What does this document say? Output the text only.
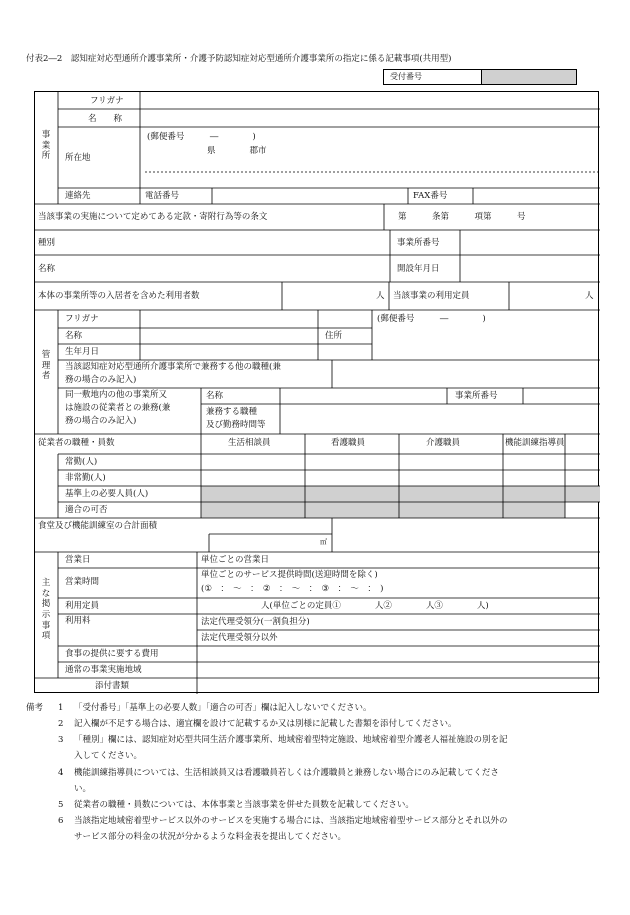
付表2―2　認知症対応型通所介護事業所・介護予防認知症対応型通所介護事業所の指定に係る記載事項(共用型)
受付番号
事
業
所
フリガナ
名　　称
所在地
(郵便番号　　　―　　　　)
県　　　　郡市
連絡先	電話番号	FAX番号
当該事業の実施について定めてある定款・寄附行為等の条文	第　　　条第　　　項第　　　号
種別	事業所番号
名称	開設年月日
本体の事業所等の入居者を含めた利用者数	人 当該事業の利用定員	人
管
理
者
フリガナ
名称
生年月日
住所
(郵便番号　　　―　　　　)
当該認知症対応型通所介護事業所で兼務する他の職種(兼
務の場合のみ記入)
同一敷地内の他の事業所又
は施設の従業者との兼務(兼
務の場合のみ記入)
名称	事業所番号
兼務する職種
及び勤務時間等
従業者の職種・員数	生活相談員	看護職員	介護職員	機能訓練指導員
常勤(人)
非常勤(人)
基準上の必要人員(人)
適合の可否
食堂及び機能訓練室の合計面積
㎡
主
な
掲
示
事
項
営業日	単位ごとの営業日
営業時間
単位ごとのサービス提供時間(送迎時間を除く)
(①　：　～　：　②　：　～　：　③　：　～　：　)
利用定員	人(単位ごとの定員①　　　　人②　　　　人③　　　　人)
利用料	法定代理受領分(一割負担分)
法定代理受領分以外
食事の提供に要する費用
通常の事業実施地域
添付書類
備考	1	「受付番号」「基準上の必要人数」「適合の可否」欄は記入しないでください。
2	記入欄が不足する場合は、適宜欄を設けて記載するか又は別様に記載した書類を添付してください。
3	「種別」欄には、認知症対応型共同生活介護事業所、地域密着型特定施設、地域密着型介護老人福祉施設の別を記
入してください。
4	機能訓練指導員については、生活相談員又は看護職員若しくは介護職員と兼務しない場合にのみ記載してくださ
い。
5	従業者の職種・員数については、本体事業と当該事業を併せた員数を記載してください。
6	当該指定地域密着型サービス以外のサービスを実施する場合には、当該指定地域密着型サービス部分とそれ以外の
サービス部分の料金の状況が分かるような料金表を提出してください。
